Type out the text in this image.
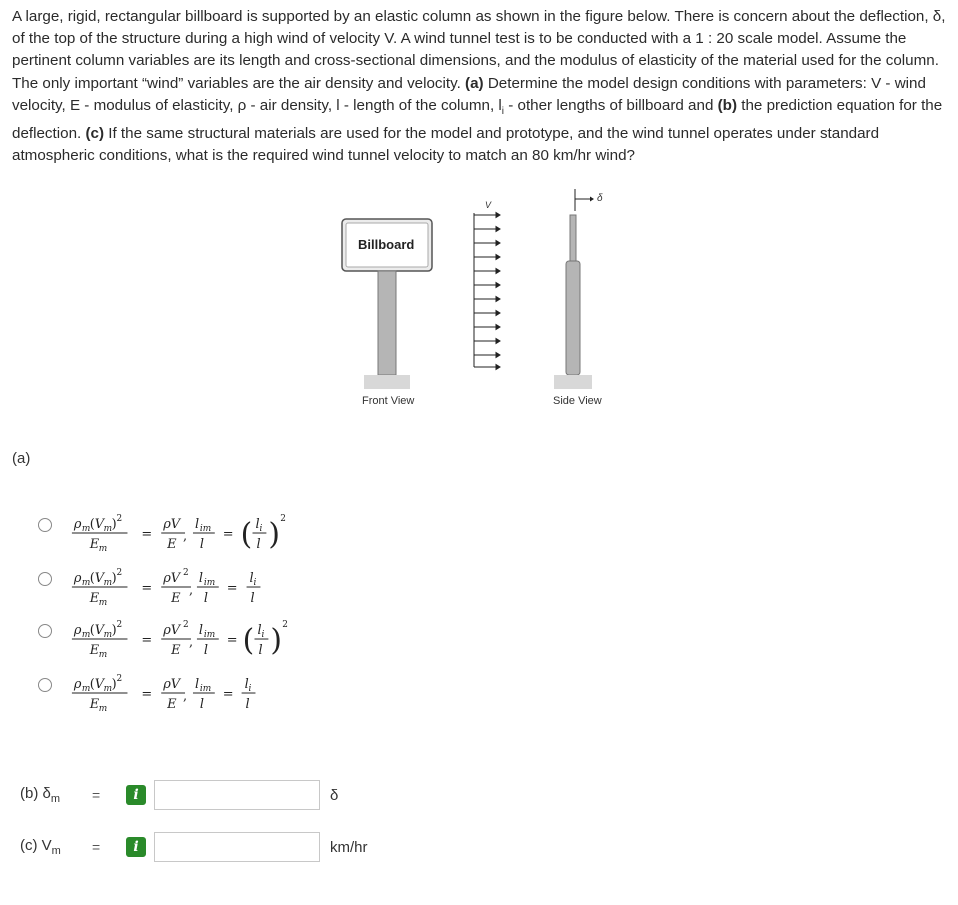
A large, rigid, rectangular billboard is supported by an elastic column as shown in the figure below. There is concern about the deflection, δ, of the top of the structure during a high wind of velocity V. A wind tunnel test is to be conducted with a 1 : 20 scale model. Assume the pertinent column variables are its length and cross-sectional dimensions, and the modulus of elasticity of the material used for the column. The only important “wind” variables are the air density and velocity. (a) Determine the model design conditions with parameters: V - wind velocity, E - modulus of elasticity, ρ - air density, l - length of the column, $l_i$ - other lengths of billboard and (b) the prediction equation for the deflection. (c) If the same structural materials are used for the model and prototype, and the wind tunnel operates under standard atmospheric conditions, what is the required wind tunnel velocity to match an 80 km/hr wind?
Billboard
Front View	Side View
V
δ
(a)
ρ m ( V m ) 2
E m
=
ρV
E
,
l im
l
= ( l i
l ) 2
ρ m ( V m ) 2
E m
=
ρV 2
E
,
l im
l
=
l i
l
ρ m ( V m ) 2
E m
=
ρV 2
E
,
l im
l
= ( l i
l ) 2
ρ m ( V m ) 2
E m
=
ρV
E
,
l im
l
=
l i
l
(b) $\delta_m$	=	i	δ
(c) $V_m$	=	i	km/hr
